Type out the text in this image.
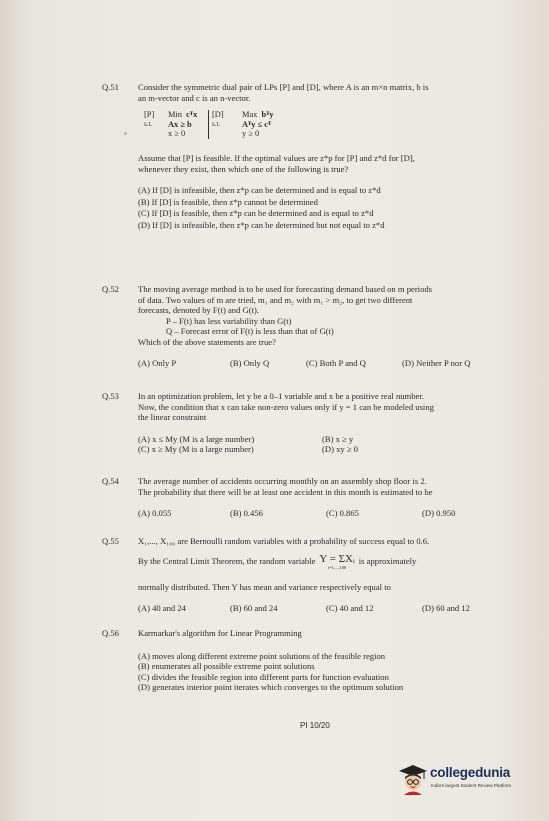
Q.51	Consider the symmetric dual pair of LPs [P] and [D], where A is an m×n matrix, b is
an m-vector and c is an n-vector.
[P]	Min cᵀx
s.t.	Ax ≥ b
x ≥ 0
[D]	Max bᵀy
s.t.	Aᵀy ≤ cᵀ
y ≥ 0
Assume that [P] is feasible. If the optimal values are z*p for [P] and z*d for [D],
whenever they exist, then which one of the following is true?
(A) If [D] is infeasible, then z*p can be determined and is equal to z*d
(B) If [D] is feasible, then z*p cannot be determined
(C) If [D] is feasible, then z*p can be determined and is equal to z*d
(D) If [D] is infeasible, then z*p can be determined but not equal to z*d
Q.52	The moving average method is to be used for forecasting demand based on m periods
of data. Two values of m are tried, m₁ and m₂ with m₁ > m₂, to get two different
forecasts, denoted by F(t) and G(t).
P – F(t) has less variability than G(t)
Q – Forecast error of F(t) is less than that of G(t)
Which of the above statements are true?
(A) Only P	(B) Only Q	(C) Both P and Q	(D) Neither P nor Q
Q.53	In an optimization problem, let y be a 0–1 variable and x be a positive real number.
Now, the condition that x can take non-zero values only if y = 1 can be modeled using
the linear constraint
(A) x ≤ My (M is a large number)	(B) x ≥ y
(C) x ≥ My (M is a large number)	(D) xy ≥ 0
Q.54	The average number of accidents occurring monthly on an assembly shop floor is 2.
The probability that there will be at least one accident in this month is estimated to be
(A) 0.055	(B) 0.456	(C) 0.865	(D) 0.950
Q.55	X₁,..., X₁₀₀ are Bernoulli random variables with a probability of success equal to 0.6.
By the Central Limit Theorem, the random variable Y = ΣXᵢ
i=1,...,100
is approximately
normally distributed. Then Y has mean and variance respectively equal to
(A) 40 and 24	(B) 60 and 24	(C) 40 and 12	(D) 60 and 12
Q.56	Karmarkar's algorithm for Linear Programming
(A) moves along different extreme point solutions of the feasible region
(B) enumerates all possible extreme point solutions
(C) divides the feasible region into different parts for function evaluation
(D) generates interior point iterates which converges to the optimum solution
PI 10/20
collegedunia
India's largest Student Review Platform
